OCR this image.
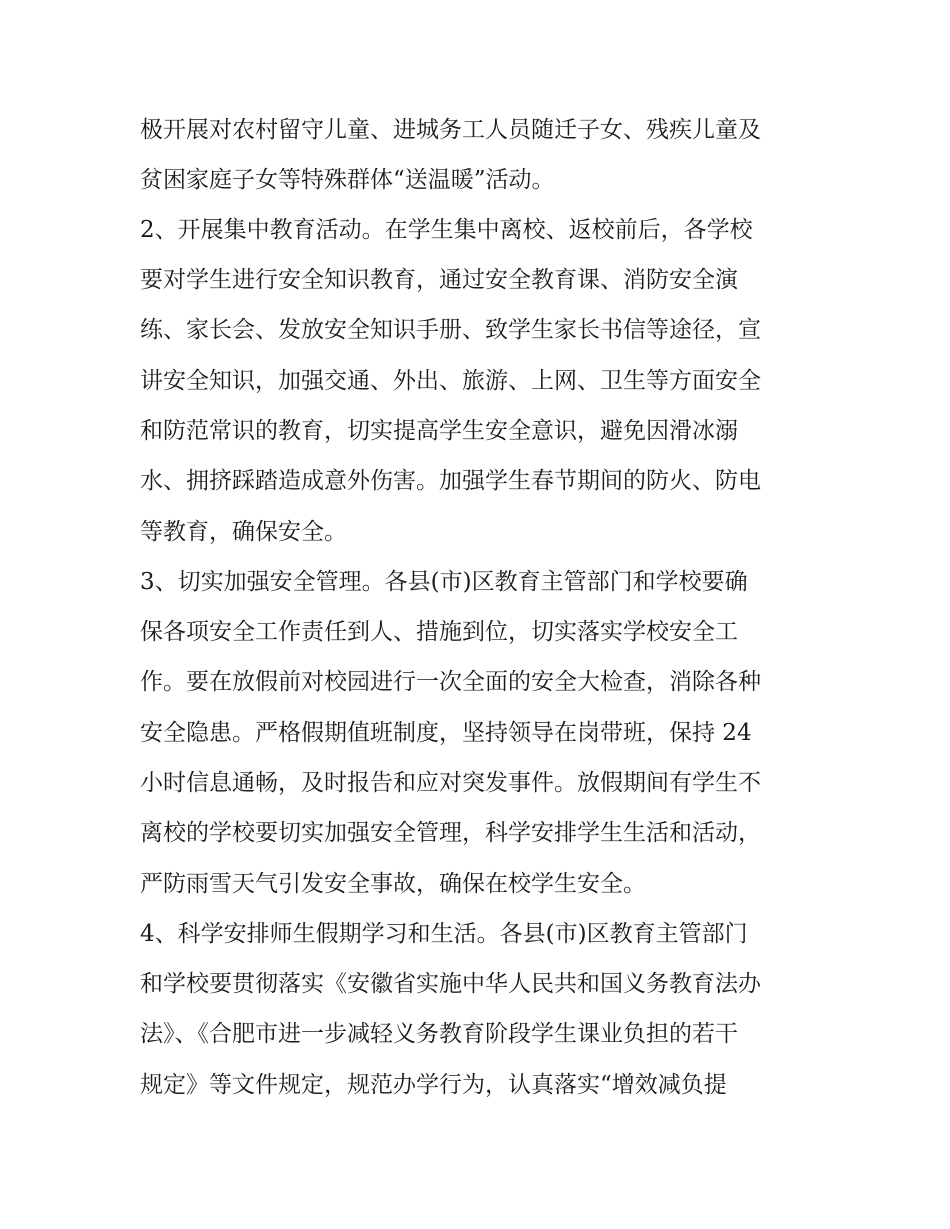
极开展对农村留守儿童、进城务工人员随迁子女、残疾儿童及
贫困家庭子女等特殊群体“送温暖”活动。
2、开展集中教育活动。在学生集中离校、返校前后，各学校
要对学生进行安全知识教育，通过安全教育课、消防安全演
练、家长会、发放安全知识手册、致学生家长书信等途径，宣
讲安全知识，加强交通、外出、旅游、上网、卫生等方面安全
和防范常识的教育，切实提高学生安全意识，避免因滑冰溺
水、拥挤踩踏造成意外伤害。加强学生春节期间的防火、防电
等教育，确保安全。
3、切实加强安全管理。各县(市)区教育主管部门和学校要确
保各项安全工作责任到人、措施到位，切实落实学校安全工
作。要在放假前对校园进行一次全面的安全大检查，消除各种
安全隐患。严格假期值班制度，坚持领导在岗带班，保持 24
小时信息通畅，及时报告和应对突发事件。放假期间有学生不
离校的学校要切实加强安全管理，科学安排学生生活和活动，
严防雨雪天气引发安全事故，确保在校学生安全。
4、科学安排师生假期学习和生活。各县(市)区教育主管部门
和学校要贯彻落实《安徽省实施中华人民共和国义务教育法办
法》、《合肥市进一步减轻义务教育阶段学生课业负担的若干
规定》等文件规定，规范办学行为，认真落实“增效减负提
